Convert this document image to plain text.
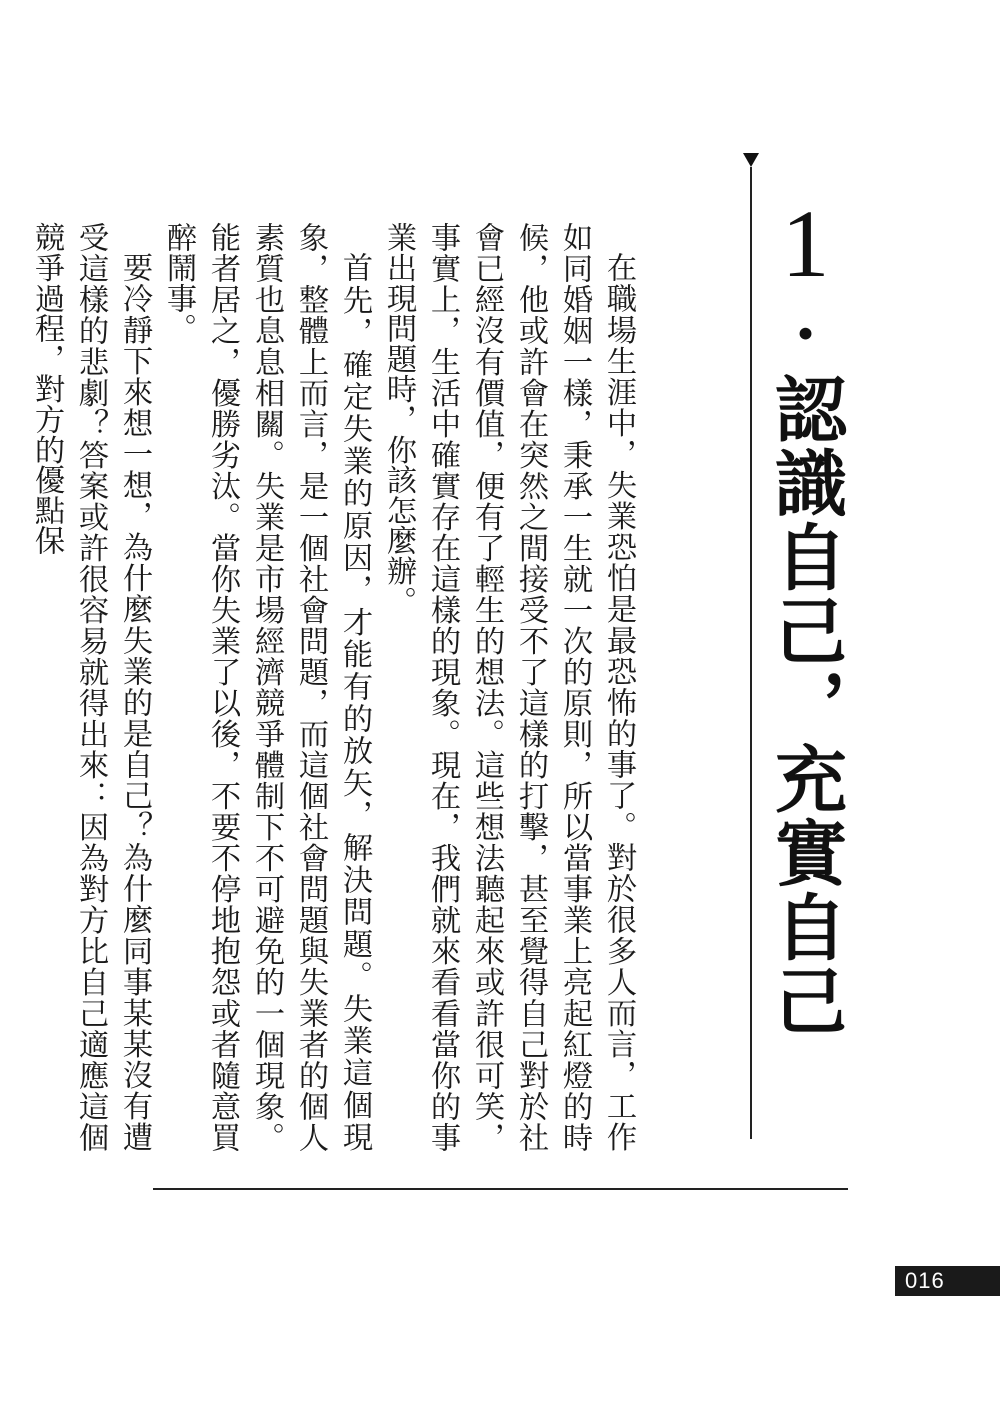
1·認識自己，充實自己

在職場生涯中，失業恐怕是最恐怖的事了。對於很多人而言，工作如同婚姻一樣，秉承一生就一次的原則，所以當事業上亮起紅燈的時候，他或許會在突然之間接受不了這樣的打擊，甚至覺得自己對於社會已經沒有價值，便有了輕生的想法。這些想法聽起來或許很可笑，事實上，生活中確實存在這樣的現象。現在，我們就來看看當你的事業出現問題時，你該怎麼辦。

首先，確定失業的原因，才能有的放矢，解決問題。失業這個現象，整體上而言，是一個社會問題，而這個社會問題與失業者的個人素質也息息相關。失業是市場經濟競爭體制下不可避免的一個現象。能者居之，優勝劣汰。當你失業了以後，不要不停地抱怨或者隨意買醉鬧事。

要冷靜下來想一想，為什麼失業的是自己？為什麼同事某某沒有遭受這樣的悲劇？答案或許很容易就得出來：因為對方比自己適應這個競爭過程，對方的優點保

016
